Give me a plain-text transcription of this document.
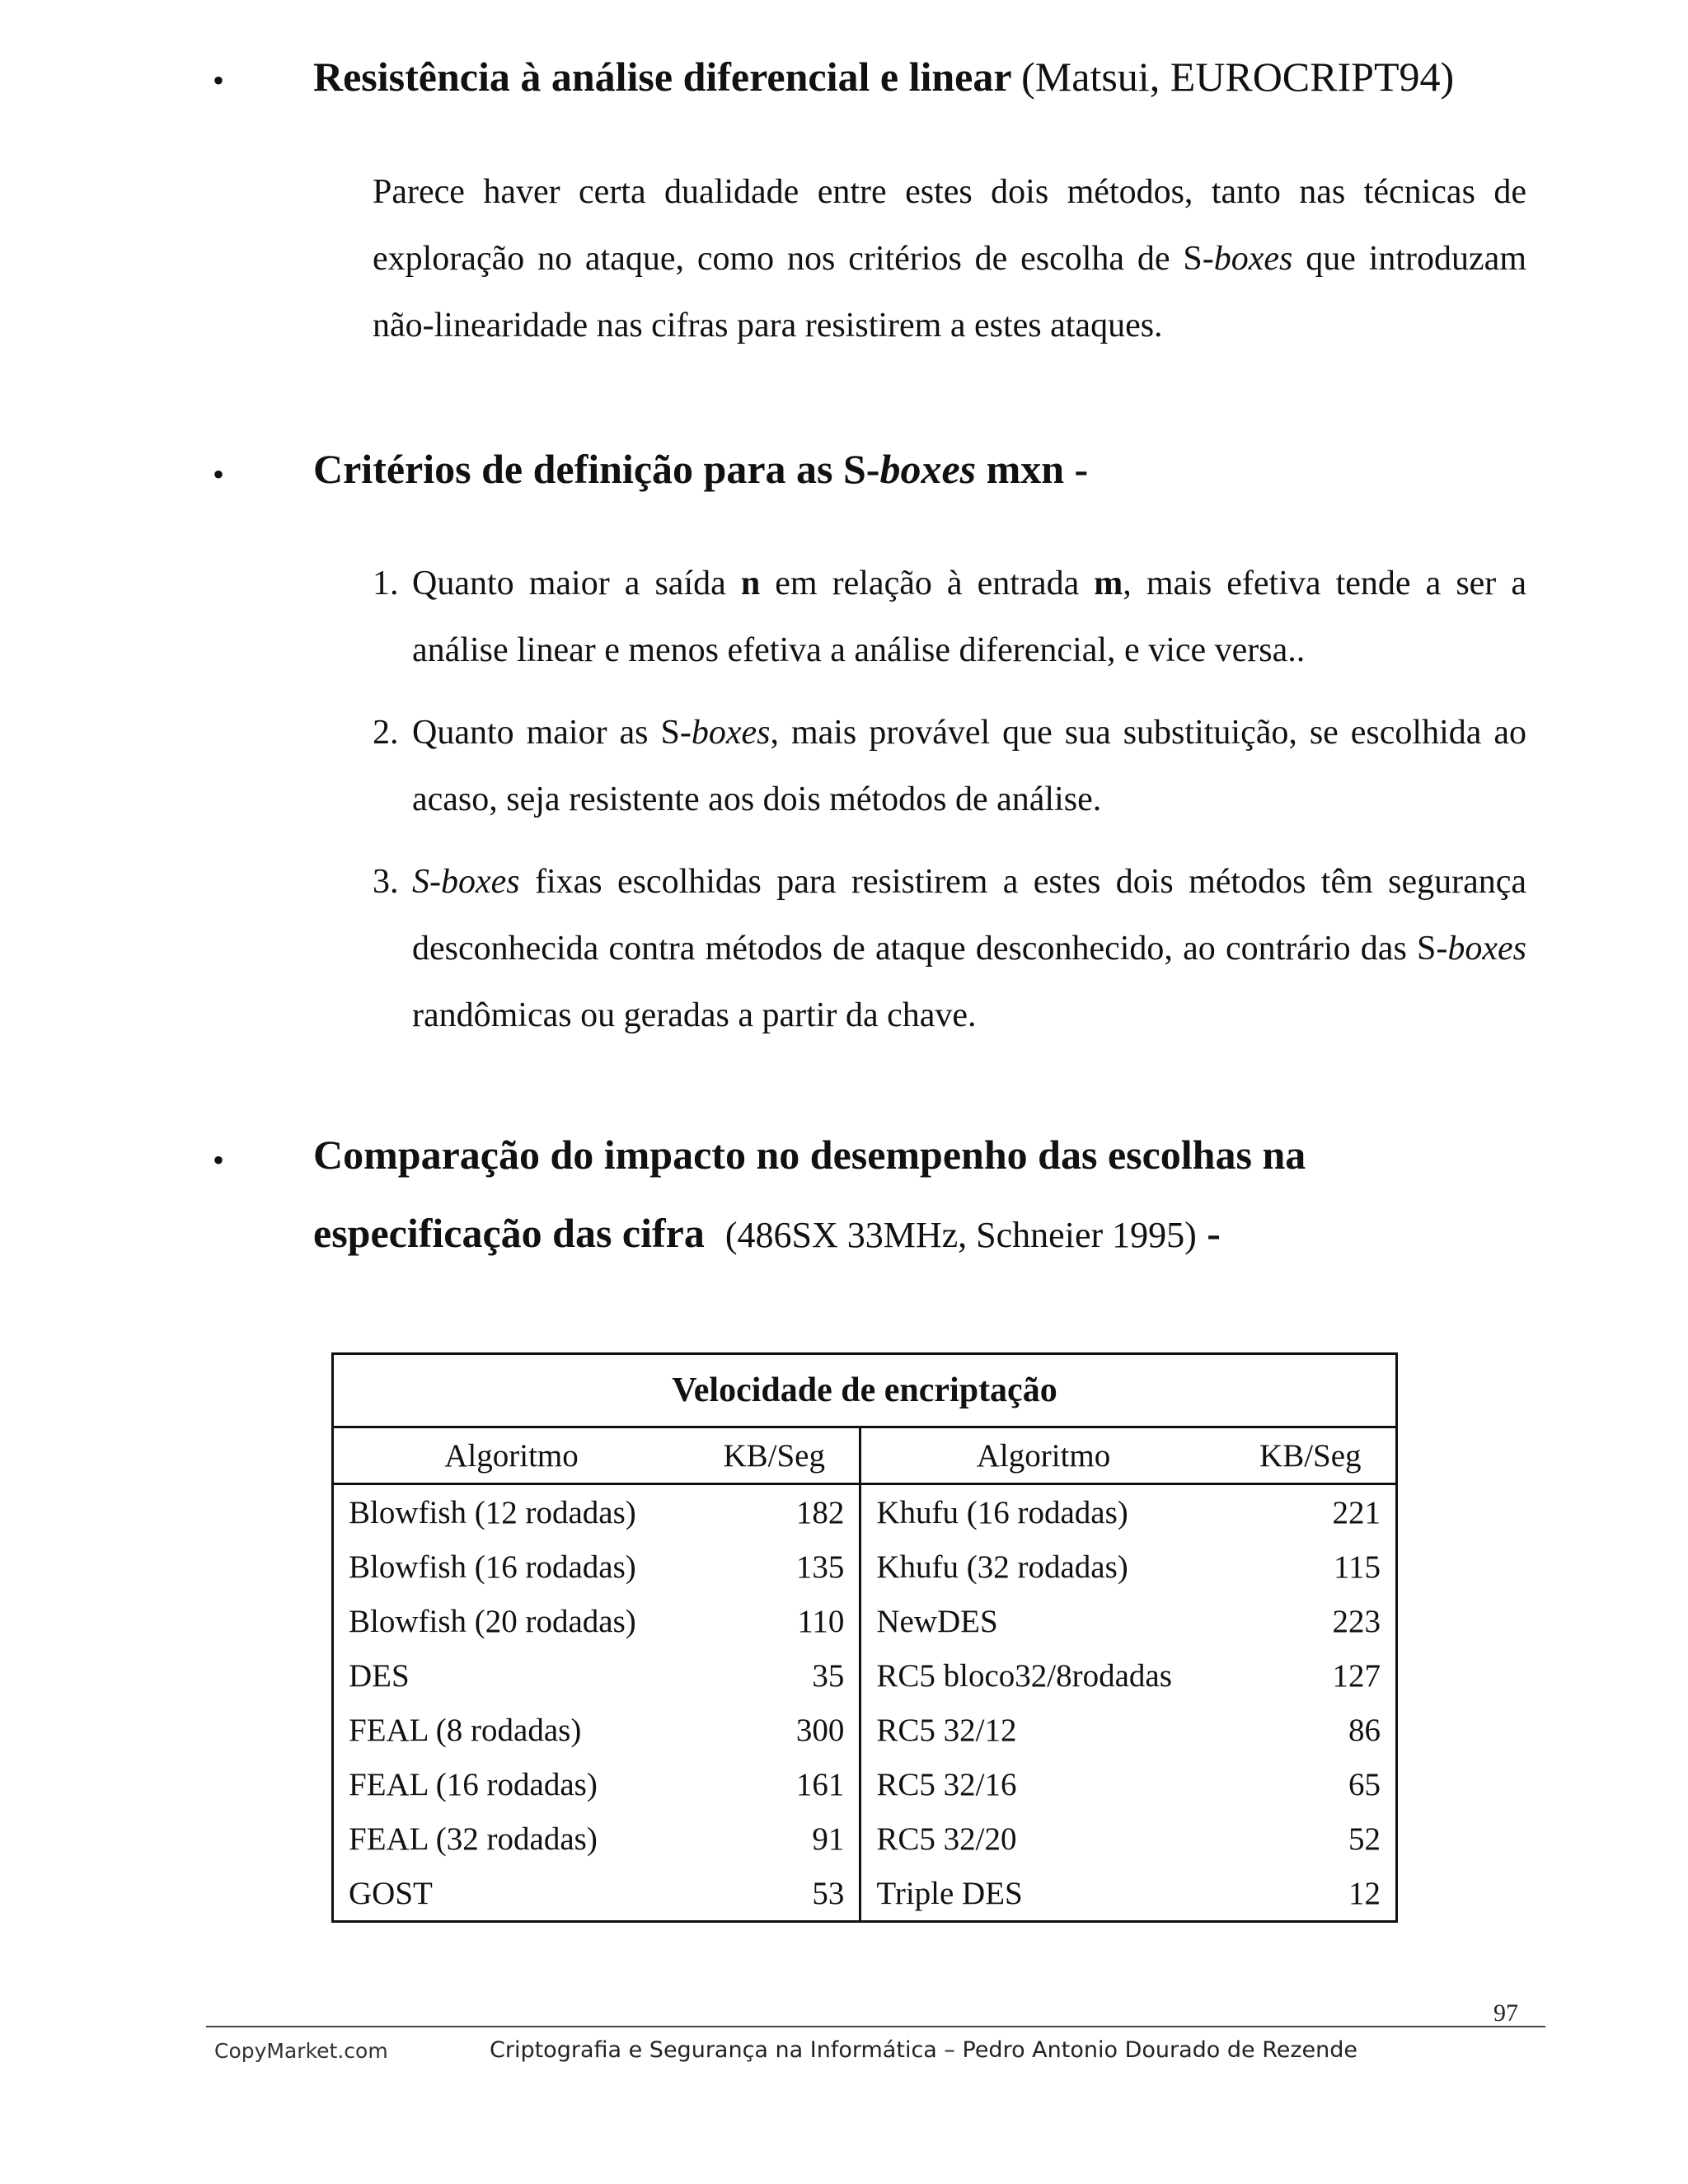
• Resistência à análise diferencial e linear (Matsui, EUROCRIPT94)
Parece haver certa dualidade entre estes dois métodos, tanto nas técnicas de exploração no ataque, como nos critérios de escolha de S-boxes que introduzam não-linearidade nas cifras para resistirem a estes ataques.
• Critérios de definição para as S-boxes mxn -
1. Quanto maior a saída n em relação à entrada m, mais efetiva tende a ser a análise linear e menos efetiva a análise diferencial, e vice versa..
2. Quanto maior as S-boxes, mais provável que sua substituição, se escolhida ao acaso, seja resistente aos dois métodos de análise.
3. S-boxes fixas escolhidas para resistirem a estes dois métodos têm segurança desconhecida contra métodos de ataque desconhecido, ao contrário das S-boxes randômicas ou geradas a partir da chave.
• Comparação do impacto no desempenho das escolhas na
especificação das cifra (486SX 33MHz, Schneier 1995) -
Velocidade de encriptação			
Algoritmo	KB/Seg	Algoritmo	KB/Seg
Blowfish (12 rodadas)	182	Khufu (16 rodadas)	221
Blowfish (16 rodadas)	135	Khufu (32 rodadas)	115
Blowfish (20 rodadas)	110	NewDES	223
DES	35	RC5 bloco32/8rodadas	127
FEAL (8 rodadas)	300	RC5 32/12	86
FEAL (16 rodadas)	161	RC5 32/16	65
FEAL (32 rodadas)	91	RC5 32/20	52
GOST	53	Triple DES	12
97
CopyMarket.com	Criptografia e Segurança na Informática – Pedro Antonio Dourado de Rezende
